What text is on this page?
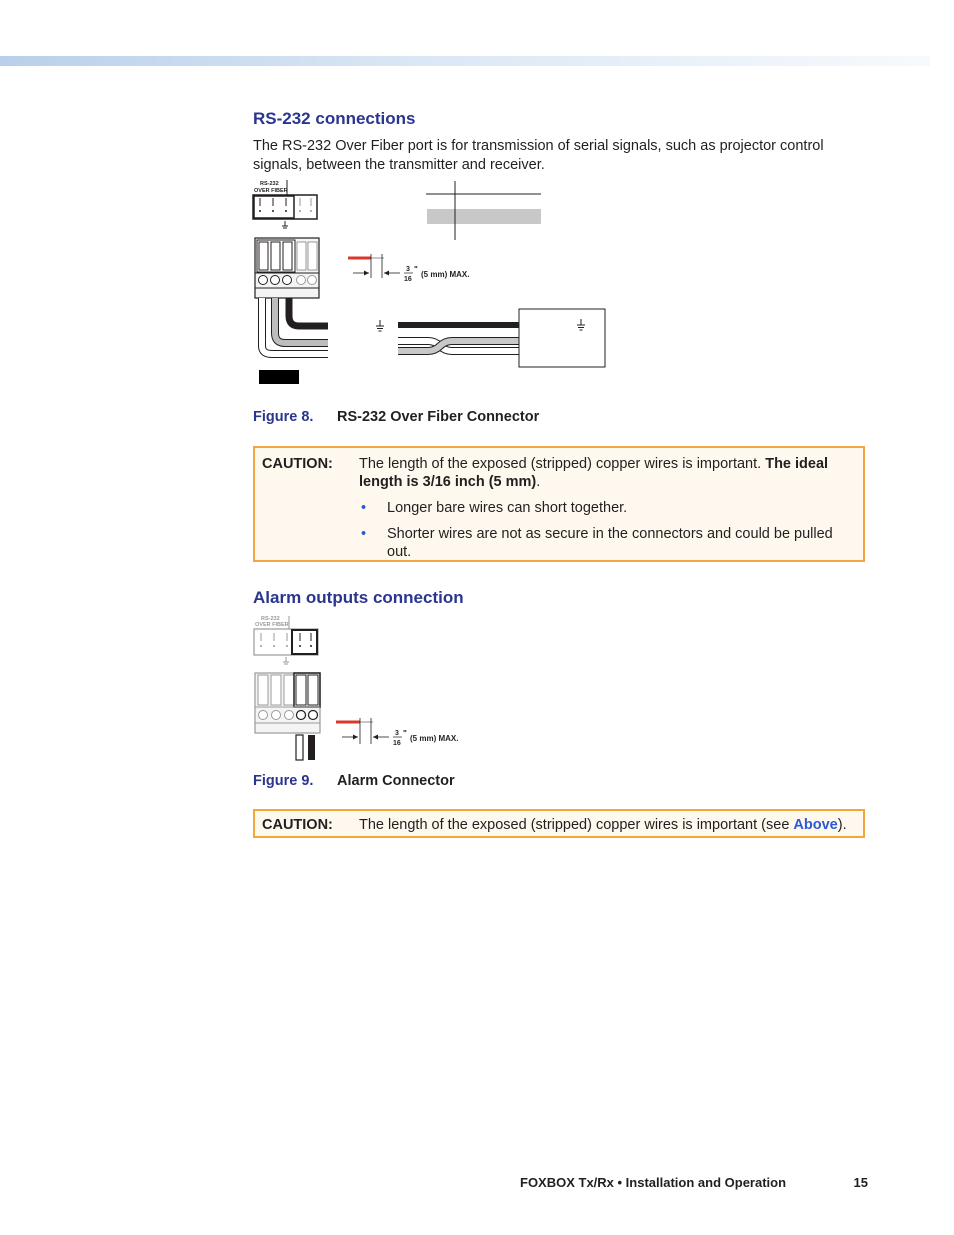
RS-232 connections

The RS-232 Over Fiber port is for transmission of serial signals, such as projector control signals, between the transmitter and receiver.

RS-232
OVER FIBER
3
16
"
(5 mm) MAX.
Figure 8. RS-232 Over Fiber Connector
CAUTION: The length of the exposed (stripped) copper wires is important. The ideal length is 3/16 inch (5 mm).

• Longer bare wires can short together.
• Shorter wires are not as secure in the connectors and could be pulled out.
Alarm outputs connection
RS-232
OVER FIBER
3
16
"
(5 mm) MAX.
Figure 9. Alarm Connector
CAUTION: The length of the exposed (stripped) copper wires is important (see Above).
FOXBOX Tx/Rx • Installation and Operation	15
